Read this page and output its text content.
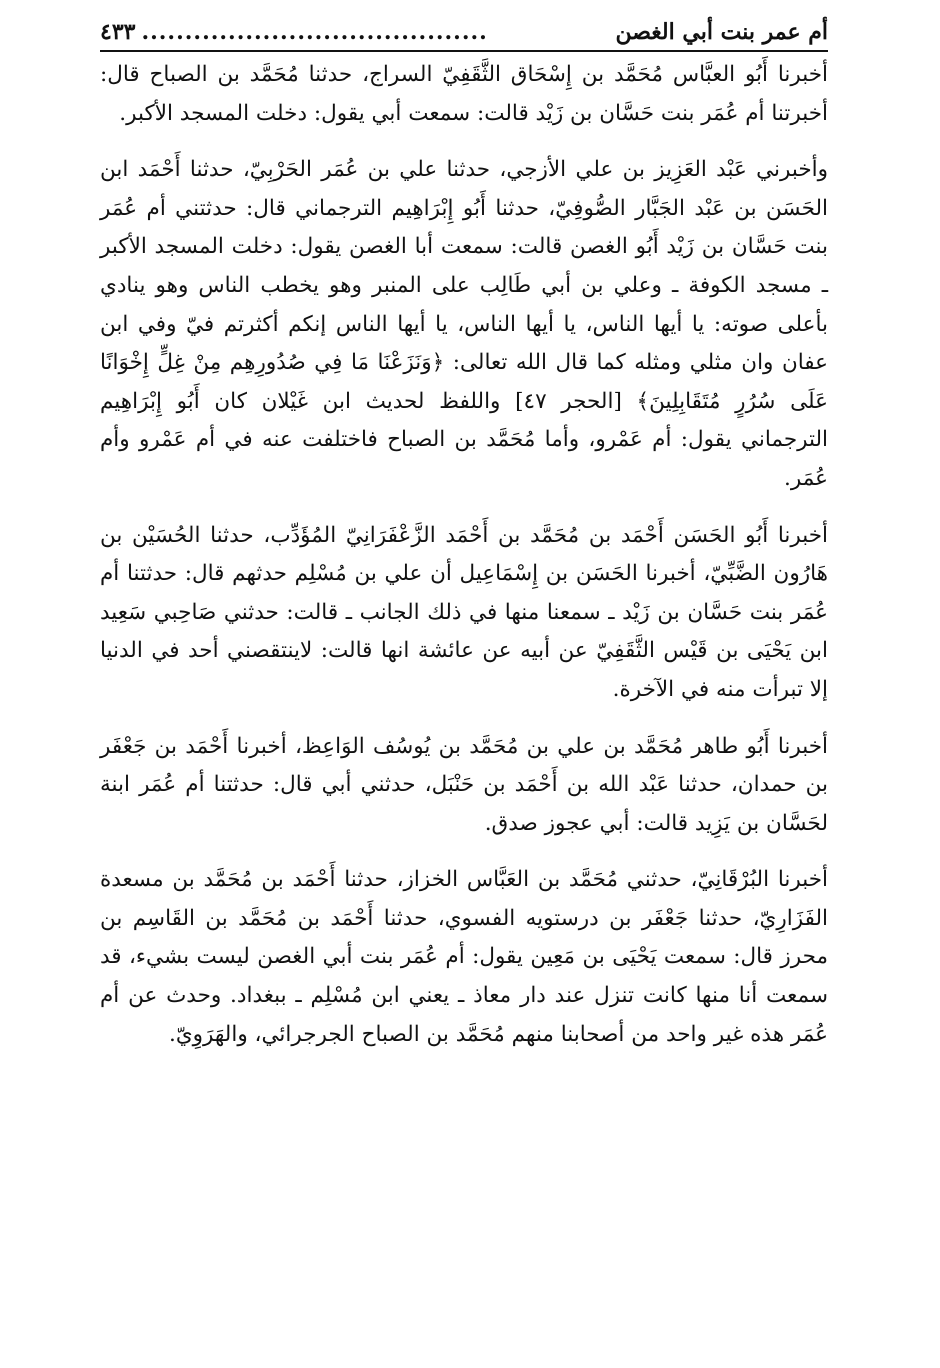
أم عمر بنت أبي الغصن
........................................
٤٣٣

أخبرنا أَبُو العبَّاس مُحَمَّد بن إِسْحَاق الثَّقَفِيّ السراج، حدثنا مُحَمَّد بن الصباح قال: أخبرتنا أم عُمَر بنت حَسَّان بن زَيْد قالت: سمعت أبي يقول: دخلت المسجد الأكبر.

وأخبرني عَبْد العَزِيز بن علي الأزجي، حدثنا علي بن عُمَر الحَرْبِيّ، حدثنا أَحْمَد ابن الحَسَن بن عَبْد الجَبَّار الصُّوفِيّ، حدثنا أَبُو إِبْرَاهِيم الترجماني قال: حدثتني أم عُمَر بنت حَسَّان بن زَيْد أَبُو الغصن قالت: سمعت أبا الغصن يقول: دخلت المسجد الأكبر ـ مسجد الكوفة ـ وعلي بن أبي طَالِب على المنبر وهو يخطب الناس وهو ينادي بأعلى صوته: يا أيها الناس، يا أيها الناس، يا أيها الناس إنكم أكثرتم فيّ وفي ابن عفان وان مثلي ومثله كما قال الله تعالى: ﴿وَنَزَعْنَا مَا فِي صُدُورِهِم مِنْ غِلٍّ إِخْوَانًا عَلَى سُرُرٍ مُتَقَابِلِينَ﴾ [الحجر ٤٧] واللفظ لحديث ابن غَيْلان كان أَبُو إِبْرَاهِيم الترجماني يقول: أم عَمْرو، وأما مُحَمَّد بن الصباح فاختلفت عنه في أم عَمْرو وأم عُمَر.

أخبرنا أَبُو الحَسَن أَحْمَد بن مُحَمَّد بن أَحْمَد الزَّعْفَرَانِيّ المُؤَدِّب، حدثنا الحُسَيْن بن هَارُون الضَّبِّيّ، أخبرنا الحَسَن بن إِسْمَاعِيل أن علي بن مُسْلِم حدثهم قال: حدثتنا أم عُمَر بنت حَسَّان بن زَيْد ـ سمعنا منها في ذلك الجانب ـ قالت: حدثني صَاحِبي سَعِيد ابن يَحْيَى بن قَيْس الثَّقَفِيّ عن أبيه عن عائشة انها قالت: لاينتقصني أحد في الدنيا إلا تبرأت منه في الآخرة.

أخبرنا أَبُو طاهر مُحَمَّد بن علي بن مُحَمَّد بن يُوسُف الوَاعِظ، أخبرنا أَحْمَد بن جَعْفَر بن حمدان، حدثنا عَبْد الله بن أَحْمَد بن حَنْبَل، حدثني أبي قال: حدثتنا أم عُمَر ابنة لحَسَّان بن يَزِيد قالت: أبي عجوز صدق.

أخبرنا البُرْقَانِيّ، حدثني مُحَمَّد بن العَبَّاس الخزاز، حدثنا أَحْمَد بن مُحَمَّد بن مسعدة الفَزَارِيّ، حدثنا جَعْفَر بن درستويه الفسوي، حدثنا أَحْمَد بن مُحَمَّد بن القَاسِم بن محرز قال: سمعت يَحْيَى بن مَعِين يقول: أم عُمَر بنت أبي الغصن ليست بشيء، قد سمعت أنا منها كانت تنزل عند دار معاذ ـ يعني ابن مُسْلِم ـ ببغداد. وحدث عن أم عُمَر هذه غير واحد من أصحابنا منهم مُحَمَّد بن الصباح الجرجرائي، والهَرَوِيّ.
